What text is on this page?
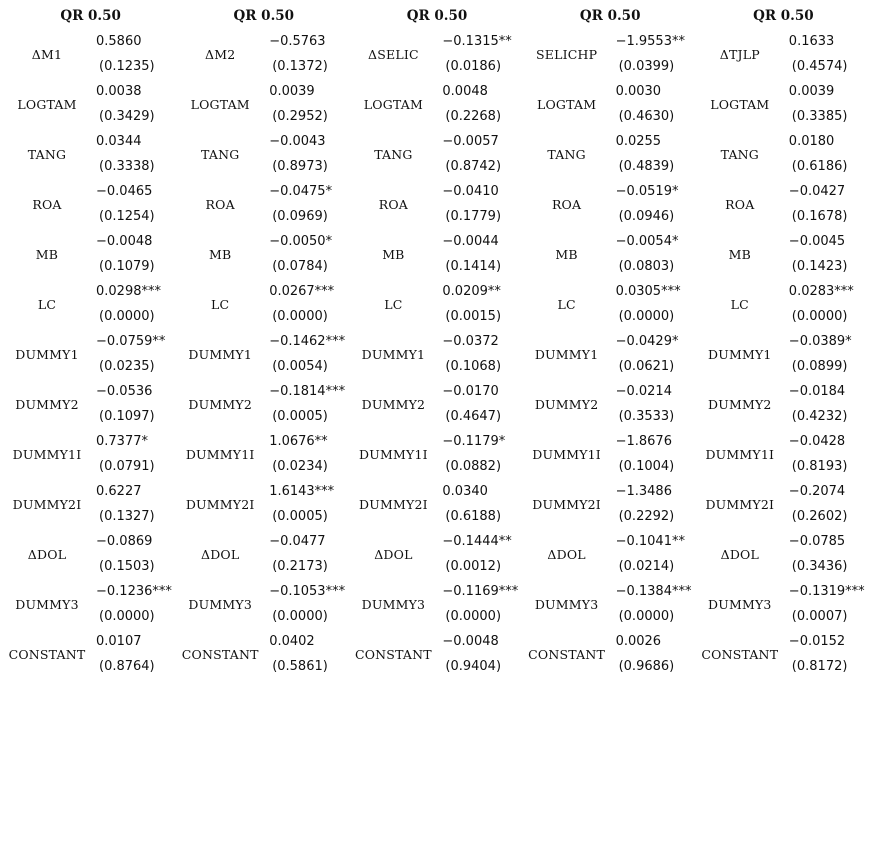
QR 0.50
ΔM1
0.5860
(0.1235)
LOGTAM
0.0038
(0.3429)
TANG
0.0344
(0.3338)
ROA
−0.0465
(0.1254)
MB
−0.0048
(0.1079)
LC
0.0298***
(0.0000)
DUMMY1
−0.0759**
(0.0235)
DUMMY2
−0.0536
(0.1097)
DUMMY1I
0.7377*
(0.0791)
DUMMY2I
0.6227
(0.1327)
ΔDOL
−0.0869
(0.1503)
DUMMY3
−0.1236***
(0.0000)
CONSTANT
0.0107
(0.8764)
QR 0.50
ΔM2
−0.5763
(0.1372)
LOGTAM
0.0039
(0.2952)
TANG
−0.0043
(0.8973)
ROA
−0.0475*
(0.0969)
MB
−0.0050*
(0.0784)
LC
0.0267***
(0.0000)
DUMMY1
−0.1462***
(0.0054)
DUMMY2
−0.1814***
(0.0005)
DUMMY1I
1.0676**
(0.0234)
DUMMY2I
1.6143***
(0.0005)
ΔDOL
−0.0477
(0.2173)
DUMMY3
−0.1053***
(0.0000)
CONSTANT
0.0402
(0.5861)
QR 0.50
ΔSELIC
−0.1315**
(0.0186)
LOGTAM
0.0048
(0.2268)
TANG
−0.0057
(0.8742)
ROA
−0.0410
(0.1779)
MB
−0.0044
(0.1414)
LC
0.0209**
(0.0015)
DUMMY1
−0.0372
(0.1068)
DUMMY2
−0.0170
(0.4647)
DUMMY1I
−0.1179*
(0.0882)
DUMMY2I
0.0340
(0.6188)
ΔDOL
−0.1444**
(0.0012)
DUMMY3
−0.1169***
(0.0000)
CONSTANT
−0.0048
(0.9404)
QR 0.50
SELICHP
−1.9553**
(0.0399)
LOGTAM
0.0030
(0.4630)
TANG
0.0255
(0.4839)
ROA
−0.0519*
(0.0946)
MB
−0.0054*
(0.0803)
LC
0.0305***
(0.0000)
DUMMY1
−0.0429*
(0.0621)
DUMMY2
−0.0214
(0.3533)
DUMMY1I
−1.8676
(0.1004)
DUMMY2I
−1.3486
(0.2292)
ΔDOL
−0.1041**
(0.0214)
DUMMY3
−0.1384***
(0.0000)
CONSTANT
0.0026
(0.9686)
QR 0.50
ΔTJLP
0.1633
(0.4574)
LOGTAM
0.0039
(0.3385)
TANG
0.0180
(0.6186)
ROA
−0.0427
(0.1678)
MB
−0.0045
(0.1423)
LC
0.0283***
(0.0000)
DUMMY1
−0.0389*
(0.0899)
DUMMY2
−0.0184
(0.4232)
DUMMY1I
−0.0428
(0.8193)
DUMMY2I
−0.2074
(0.2602)
ΔDOL
−0.0785
(0.3436)
DUMMY3
−0.1319***
(0.0007)
CONSTANT
−0.0152
(0.8172)
